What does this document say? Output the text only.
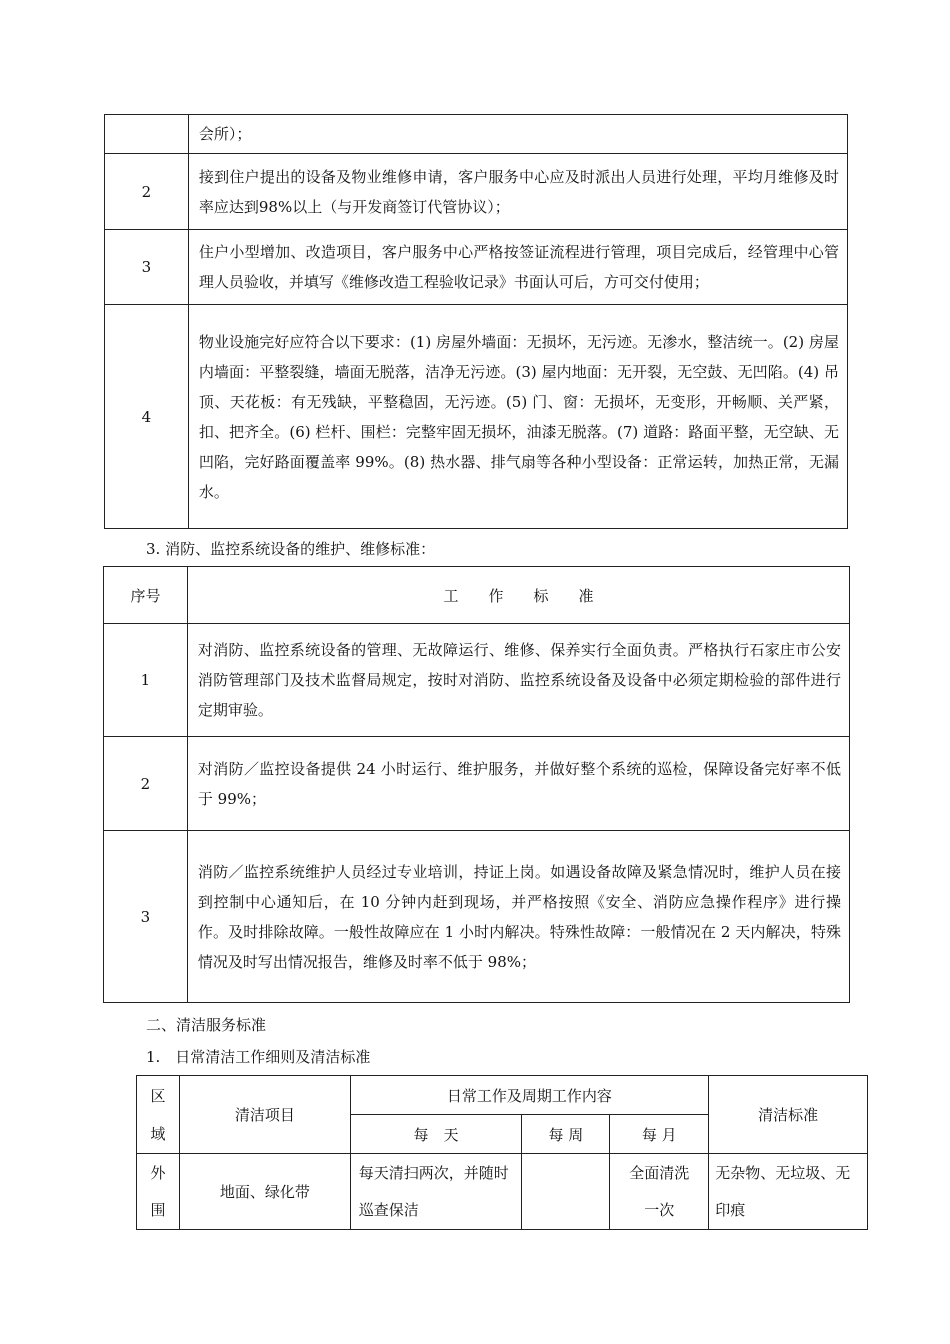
	会所）；
2	接到住户提出的设备及物业维修申请，客户服务中心应及时派出人员进行处理，平均月维修及时率应达到98%以上（与开发商签订代管协议）；
3	住户小型增加、改造项目，客户服务中心严格按签证流程进行管理，项目完成后，经管理中心管理人员验收，并填写《维修改造工程验收记录》书面认可后，方可交付使用；
4	物业设施完好应符合以下要求：(1) 房屋外墙面：无损坏，无污迹。无渗水，整洁统一。(2) 房屋内墙面：平整裂缝，墙面无脱落，洁净无污迹。(3) 屋内地面：无开裂，无空鼓、无凹陷。(4) 吊顶、天花板：有无残缺，平整稳固，无污迹。(5) 门、窗：无损坏，无变形，开畅顺、关严紧，扣、把齐全。(6) 栏杆、围栏：完整牢固无损坏，油漆无脱落。(7) 道路：路面平整，无空缺、无凹陷，完好路面覆盖率 99%。(8) 热水器、排气扇等各种小型设备：正常运转，加热正常，无漏水。
3. 消防、监控系统设备的维护、维修标准：
序号	工　　作　　标　　准
1	对消防、监控系统设备的管理、无故障运行、维修、保养实行全面负责。严格执行石家庄市公安消防管理部门及技术监督局规定，按时对消防、监控系统设备及设备中必须定期检验的部件进行定期审验。
2	对消防／监控设备提供 24 小时运行、维护服务，并做好整个系统的巡检，保障设备完好率不低于 99%；
3	消防／监控系统维护人员经过专业培训，持证上岗。如遇设备故障及紧急情况时，维护人员在接到控制中心通知后，在 10 分钟内赶到现场，并严格按照《安全、消防应急操作程序》进行操作。及时排除故障。一般性故障应在 1 小时内解决。特殊性故障：一般情况在 2 天内解决，特殊情况及时写出情况报告，维修及时率不低于 98%；
二、清洁服务标准
1.　日常清洁工作细则及清洁标准
区域	清洁项目	日常工作及周期工作内容			清洁标准
		每　天	每 周	每 月	
外围	地面、绿化带	每天清扫两次，并随时巡查保洁		全面清洗一次	无杂物、无垃圾、无印痕
